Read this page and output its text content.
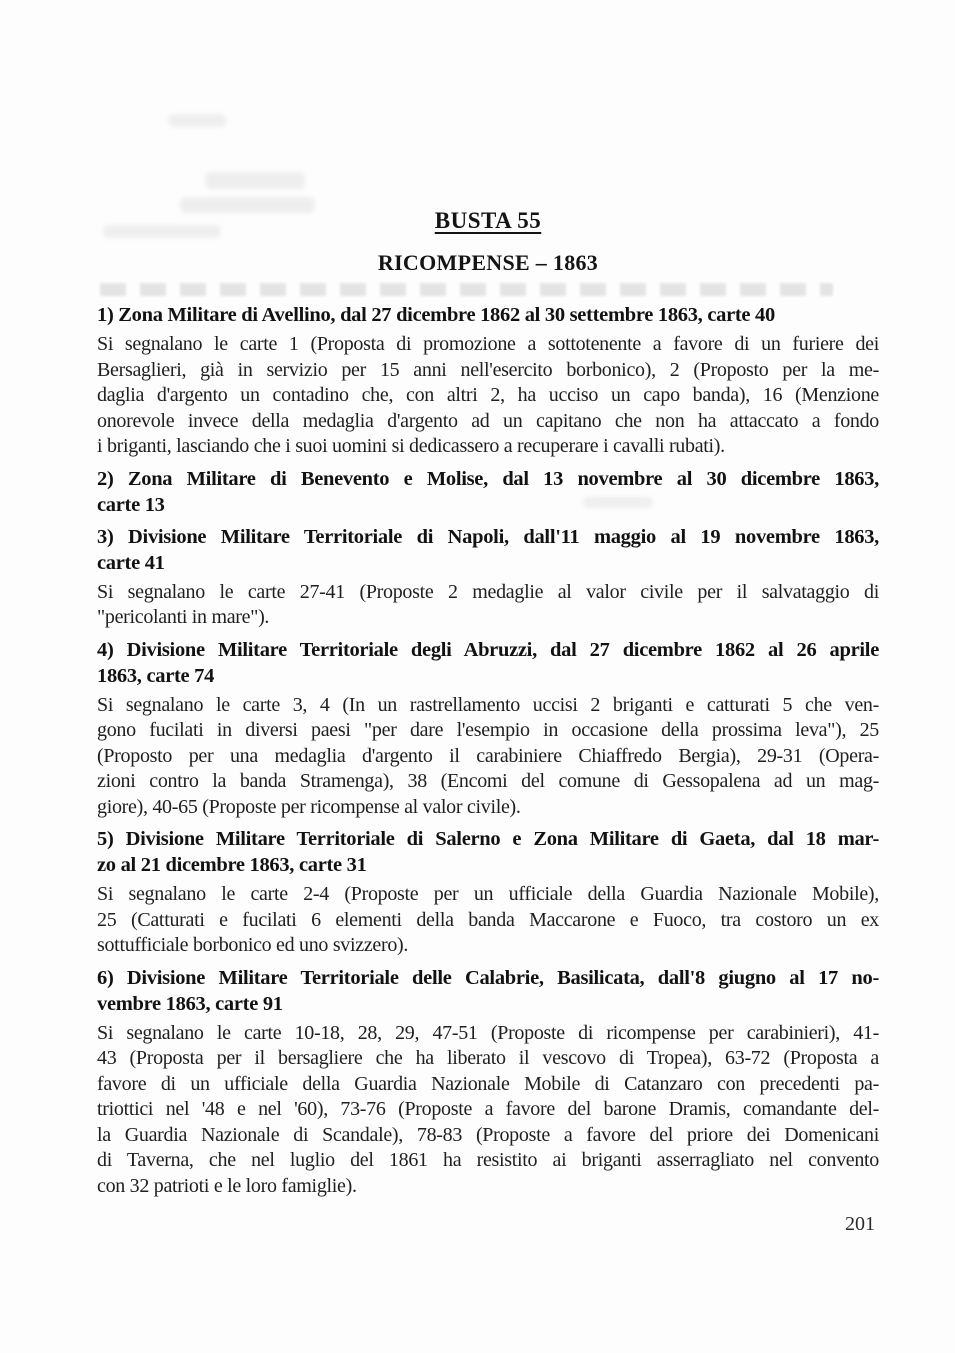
BUSTA 55
RICOMPENSE – 1863
1) Zona Militare di Avellino, dal 27 dicembre 1862 al 30 settembre 1863, carte 40
Si segnalano le carte 1 (Proposta di promozione a sottotenente a favore di un furiere dei
Bersaglieri, già in servizio per 15 anni nell'esercito borbonico), 2 (Proposto per la me-
daglia d'argento un contadino che, con altri 2, ha ucciso un capo banda), 16 (Menzione
onorevole invece della medaglia d'argento ad un capitano che non ha attaccato a fondo
i briganti, lasciando che i suoi uomini si dedicassero a recuperare i cavalli rubati).
2) Zona Militare di Benevento e Molise, dal 13 novembre al 30 dicembre 1863,
carte 13
3) Divisione Militare Territoriale di Napoli, dall'11 maggio al 19 novembre 1863,
carte 41
Si segnalano le carte 27-41 (Proposte 2 medaglie al valor civile per il salvataggio di
"pericolanti in mare").
4) Divisione Militare Territoriale degli Abruzzi, dal 27 dicembre 1862 al 26 aprile
1863, carte 74
Si segnalano le carte 3, 4 (In un rastrellamento uccisi 2 briganti e catturati 5 che ven-
gono fucilati in diversi paesi "per dare l'esempio in occasione della prossima leva"), 25
(Proposto per una medaglia d'argento il carabiniere Chiaffredo Bergia), 29-31 (Opera-
zioni contro la banda Stramenga), 38 (Encomi del comune di Gessopalena ad un mag-
giore), 40-65 (Proposte per ricompense al valor civile).
5) Divisione Militare Territoriale di Salerno e Zona Militare di Gaeta, dal 18 mar-
zo al 21 dicembre 1863, carte 31
Si segnalano le carte 2-4 (Proposte per un ufficiale della Guardia Nazionale Mobile),
25 (Catturati e fucilati 6 elementi della banda Maccarone e Fuoco, tra costoro un ex
sottufficiale borbonico ed uno svizzero).
6) Divisione Militare Territoriale delle Calabrie, Basilicata, dall'8 giugno al 17 no-
vembre 1863, carte 91
Si segnalano le carte 10-18, 28, 29, 47-51 (Proposte di ricompense per carabinieri), 41-
43 (Proposta per il bersagliere che ha liberato il vescovo di Tropea), 63-72 (Proposta a
favore di un ufficiale della Guardia Nazionale Mobile di Catanzaro con precedenti pa-
triottici nel '48 e nel '60), 73-76 (Proposte a favore del barone Dramis, comandante del-
la Guardia Nazionale di Scandale), 78-83 (Proposte a favore del priore dei Domenicani
di Taverna, che nel luglio del 1861 ha resistito ai briganti asserragliato nel convento
con 32 patrioti e le loro famiglie).
201
